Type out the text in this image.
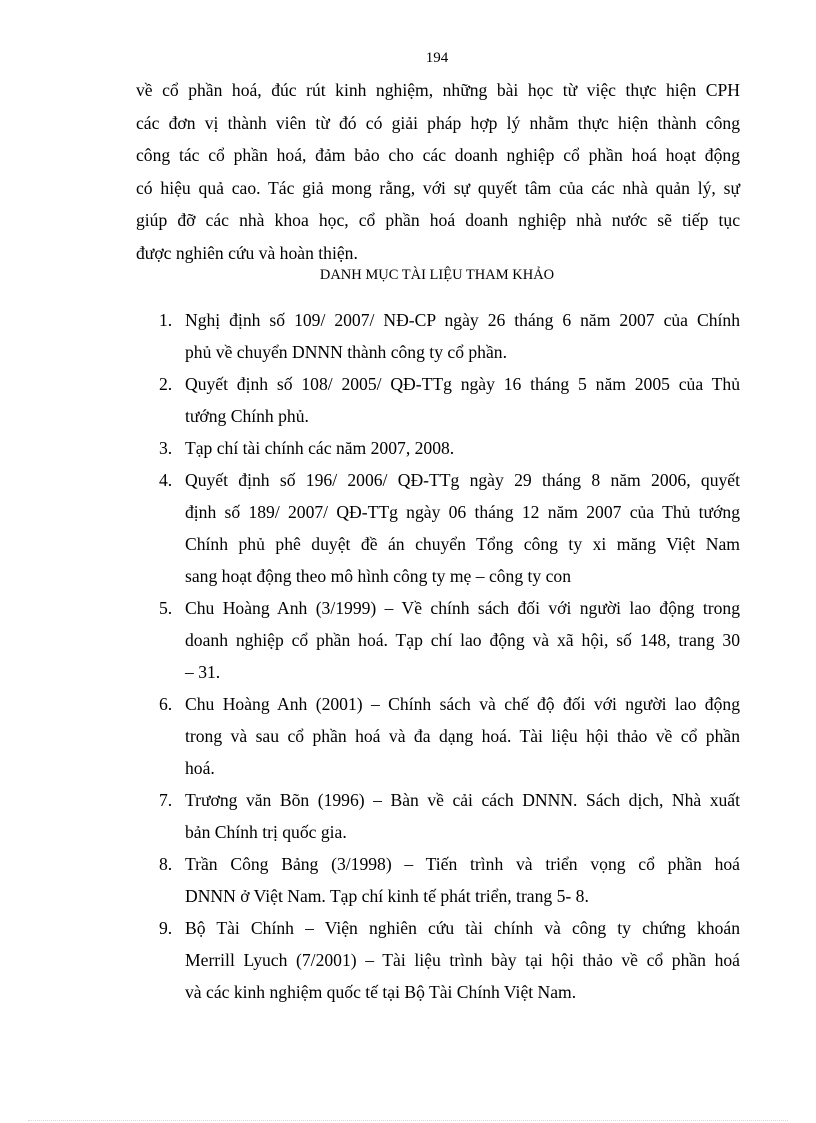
194
về cổ phần hoá, đúc rút kinh nghiệm, những bài học từ việc thực hiện CPH
các đơn vị thành viên từ đó có giải pháp hợp lý nhằm thực hiện thành công
công tác cổ phần hoá, đảm bảo cho các doanh nghiệp cổ phần hoá hoạt động
có hiệu quả cao. Tác giả mong rằng, với sự quyết tâm của các nhà quản lý, sự
giúp đỡ các nhà khoa học, cổ phần hoá doanh nghiệp nhà nước sẽ tiếp tục
được nghiên cứu và hoàn thiện.
DANH MỤC TÀI LIỆU THAM KHẢO
1. Nghị định số 109/ 2007/ NĐ-CP ngày 26 tháng 6 năm 2007 của Chính
phủ về chuyển DNNN thành công ty cổ phần.
2. Quyết định số 108/ 2005/ QĐ-TTg ngày 16 tháng 5 năm 2005 của Thủ
tướng Chính phủ.
3. Tạp chí tài chính các năm 2007, 2008.
4. Quyết định số 196/ 2006/ QĐ-TTg ngày 29 tháng 8 năm 2006, quyết
định số 189/ 2007/ QĐ-TTg ngày 06 tháng 12 năm 2007 của Thủ tướng
Chính phủ phê duyệt đề án chuyển Tổng công ty xi măng Việt Nam
sang hoạt động theo mô hình công ty mẹ – công ty con
5. Chu Hoàng Anh (3/1999) – Về chính sách đối với người lao động trong
doanh nghiệp cổ phần hoá. Tạp chí lao động và xã hội, số 148, trang 30
– 31.
6. Chu Hoàng Anh (2001) – Chính sách và chế độ đối với người lao động
trong và sau cổ phần hoá và đa dạng hoá. Tài liệu hội thảo về cổ phần
hoá.
7. Trương văn Bõn (1996) – Bàn về cải cách DNNN. Sách dịch, Nhà xuất
bản Chính trị quốc gia.
8. Trần Công Bảng (3/1998) – Tiến trình và triển vọng cổ phần hoá
DNNN ở Việt Nam. Tạp chí kinh tế phát triển, trang 5- 8.
9. Bộ Tài Chính – Viện nghiên cứu tài chính và công ty chứng khoán
Merrill Lyuch (7/2001) – Tài liệu trình bày tại hội thảo về cổ phần hoá
và các kinh nghiệm quốc tế tại Bộ Tài Chính Việt Nam.
